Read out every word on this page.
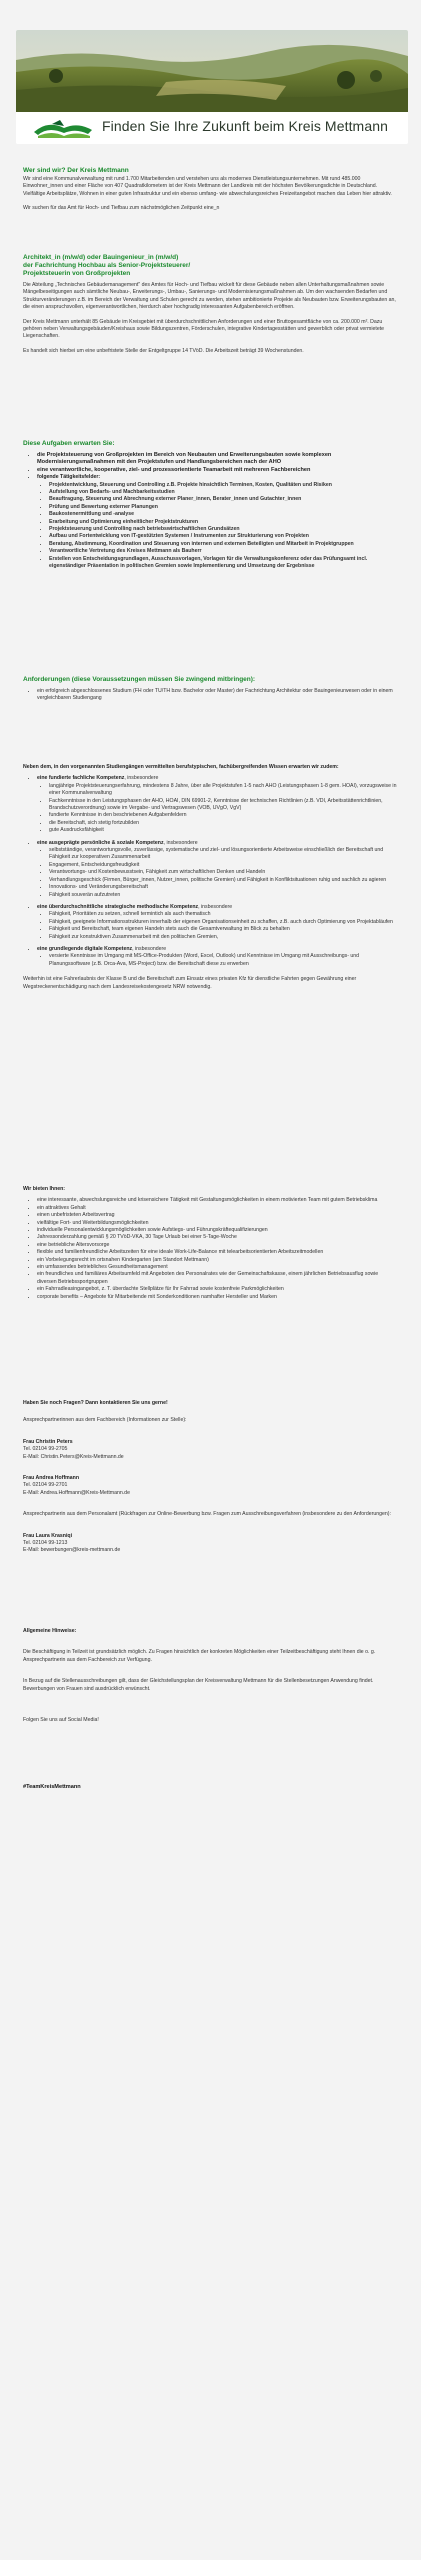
Finden Sie Ihre Zukunft beim Kreis Mettmann

Wer sind wir? Der Kreis Mettmann

Wir sind eine Kommunalverwaltung mit rund 1.700 Mitarbeitenden und verstehen uns als modernes Dienstleistungsunternehmen. Mit rund 485.000 Einwohner_innen und einer Fläche von 407 Quadratkilometern ist der Kreis Mettmann der Landkreis mit der höchsten Bevölkerungsdichte in Deutschland. Vielfältige Arbeitsplätze, Wohnen in einer guten Infrastruktur und ein ebenso umfang- wie abwechslungsreiches Freizeitangebot machen das Leben hier attraktiv.

Wir suchen für das Amt für Hoch- und Tiefbau zum nächstmöglichen Zeitpunkt eine_n

Architekt_in (m/w/d) oder Bauingenieur_in (m/w/d)

der Fachrichtung Hochbau als Senior-Projektsteuerer/

Projektsteuerin von Großprojekten

Die Abteilung „Technisches Gebäudemanagement" des Amtes für Hoch- und Tiefbau wickelt für diese Gebäude neben allen Unterhaltungsmaßnahmen sowie Mängelbeseitigungen auch sämtliche Neubau-, Erweiterungs-, Umbau-, Sanierungs- und Modernisierungsmaßnahmen ab. Um den wachsenden Bedarfen und Strukturveränderungen z.B. im Bereich der Verwaltung und Schulen gerecht zu werden, stehen ambitionierte Projekte als Neubauten bzw. Erweiterungsbauten an, die einen anspruchsvollen, eigenverantwortlichen, hierdurch aber hochgradig interessanten Aufgabenbereich eröffnen.

Der Kreis Mettmann unterhält 85 Gebäude im Kreisgebiet mit überdurchschnittlichen Anforderungen und einer Bruttogesamtfläche von ca. 200.000 m². Dazu gehören neben Verwaltungsgebäuden/Kreishaus sowie Bildungszentren, Förderschulen, integrative Kindertagesstätten und gewerblich oder privat vermietete Liegenschaften.

Es handelt sich hierbei um eine unbefristete Stelle der Entgeltgruppe 14 TVöD. Die Arbeitszeit beträgt 39 Wochenstunden.

Diese Aufgaben erwarten Sie:

• die Projektsteuerung von Großprojekten im Bereich von Neubauten und Erweiterungsbauten sowie komplexen Modernisierungsmaßnahmen mit den Projektstufen und Handlungsbereichen nach der AHO
• eine verantwortliche, kooperative, ziel- und prozessorientierte Teamarbeit mit mehreren Fachbereichen
• folgende Tätigkeitsfelder:
• Projektentwicklung, Steuerung und Controlling z.B. Projekte hinsichtlich Terminen, Kosten, Qualitäten und Risiken
• Aufstellung von Bedarfs- und Machbarkeitsstudien
• Beauftragung, Steuerung und Abrechnung externer Planer_innen, Berater_innen und Gutachter_innen
• Prüfung und Bewertung externer Planungen
• Baukostenermittlung und -analyse
• Erarbeitung und Optimierung einheitlicher Projektstrukturen
• Projektsteuerung und Controlling nach betriebswirtschaftlichen Grundsätzen
• Aufbau und Fortentwicklung von IT-gestützten Systemen / Instrumenten zur Strukturierung von Projekten
• Beratung, Abstimmung, Koordination und Steuerung von internen und externen Beteiligten und Mitarbeit in Projektgruppen
• Verantwortliche Vertretung des Kreises Mettmann als Bauherr
• Erstellen von Entscheidungsgrundlagen, Ausschussvorlagen, Vorlagen für die Verwaltungskonferenz oder das Prüfungsamt incl. eigenständiger Präsentation in politischen Gremien sowie Implementierung und Umsetzung der Ergebnisse

Anforderungen (diese Voraussetzungen müssen Sie zwingend mitbringen):

• ein erfolgreich abgeschlossenes Studium (FH oder TU/TH bzw. Bachelor oder Master) der Fachrichtung Architektur oder Bauingenieurwesen oder in einem vergleichbaren Studiengang

Neben dem, in den vorgenannten Studiengängen vermittelten berufstypischen, fachübergreifenden Wissen erwarten wir zudem:

• eine fundierte fachliche Kompetenz, insbesondere
• langjährige Projektsteuerungserfahrung, mindestens 8 Jahre, über alle Projektstufen 1-5 nach AHO (Leistungsphasen 1-8 gem. HOAI), vorzugsweise in einer Kommunalverwaltung
• Fachkenntnisse in den Leistungsphasen der AHO, HOAI, DIN 69901-2, Kenntnisse der technischen Richtlinien (z.B. VDI, Arbeitsstättenrichtlinien, Brandschutzverordnung) sowie im Vergabe- und Vertragswesen (VOB, UVgO, VgV)
• fundierte Kenntnisse in den beschriebenen Aufgabenfeldern
• die Bereitschaft, sich stetig fortzubilden
• gute Ausdrucksfähigkeit
• eine ausgeprägte persönliche & soziale Kompetenz, insbesondere
• selbstständige, verantwortungsvolle, zuverlässige, systematische und ziel- und lösungsorientierte Arbeitsweise einschließlich der Bereitschaft und Fähigkeit zur kooperativen Zusammenarbeit
• Engagement, Entscheidungsfreudigkeit
• Verantwortungs- und Kostenbewusstsein, Fähigkeit zum wirtschaftlichen Denken und Handeln
• Verhandlungsgeschick (Firmen, Bürger_innen, Nutzer_innen, politische Gremien) und Fähigkeit in Konfliktsituationen ruhig und sachlich zu agieren
• Innovations- und Veränderungsbereitschaft
• Fähigkeit souverän aufzutreten
• eine überdurchschnittliche strategische methodische Kompetenz, insbesondere
• Fähigkeit, Prioritäten zu setzen, schnell termintich als auch thematisch
• Fähigkeit, geeignete Informationsstrukturen innerhalb der eigenen Organisationseinheit zu schaffen, z.B. auch durch Optimierung von Projektabläufen
• Fähigkeit und Bereitschaft, team eigenen Handeln stets auch die Gesamtverwaltung im Blick zu behalten
• Fähigkeit zur konstruktiven Zusammenarbeit mit den politischen Gremien,
• eine grundlegende digitale Kompetenz, insbesondere
• versierte Kenntnisse im Umgang mit MS-Office-Produkten (Word, Excel, Outlook) und Kenntnisse im Umgang mit Ausschreibungs- und Planungssoftware (z.B. Orca-Ava, MS-Project) bzw. die Bereitschaft diese zu erwerben

Weiterhin ist eine Fahrerlaubnis der Klasse B und die Bereitschaft zum Einsatz eines privaten Kfz für dienstliche Fahrten gegen Gewährung einer Wegstreckenentschädigung nach dem Landesreisekostengesetz NRW notwendig.

Wir bieten Ihnen:

• eine interessante, abwechslungsreiche und krisensichere Tätigkeit mit Gestaltungsmöglichkeiten in einem motivierten Team mit gutem Betriebsklima
• ein attraktives Gehalt
• einen unbefristeten Arbeitsvertrag
• vielfältige Fort- und Weiterbildungsmöglichkeiten
• individuelle Personalentwicklungsmöglichkeiten sowie Aufstiegs- und Führungskräftequalifizierungen
• Jahressonderzahlung gemäß § 20 TVöD-VKA, 30 Tage Urlaub bei einer 5-Tage-Woche
• eine betriebliche Altersvorsorge
• flexible und familienfreundliche Arbeitszeiten für eine ideale Work-Life-Balance mit telearbeitsorientierten Arbeitszeitmodellen
• ein Vorbelegungsrecht im ortsnahen Kindergarten (am Standort Mettmann)
• ein umfassendes betriebliches Gesundheitsmanagement
• ein freundliches und familiäres Arbeitsumfeld mit Angeboten des Personalrates wie der Gemeinschaftskasse, einem jährlichen Betriebsausflug sowie diversen Betriebssportgruppen
• ein Fahrradleasingangebot, z. T. überdachte Stellplätze für Ihr Fahrrad sowie kostenfreie Parkmöglichkeiten
• corporate benefits – Angebote für Mitarbeitende mit Sonderkonditionen namhafter Hersteller und Marken

Haben Sie noch Fragen? Dann kontaktieren Sie uns gerne!

Ansprechpartnerinnen aus dem Fachbereich (Informationen zur Stelle):

Frau Christin Peters

Tel. 02104 99-2705

E-Mail: Christin.Peters@Kreis-Mettmann.de

Frau Andrea Hoffmann

Tel. 02104 99-2701

E-Mail: Andrea.Hoffmann@Kreis-Mettmann.de

Ansprechpartnerin aus dem Personalamt (Rückfragen zur Online-Bewerbung bzw. Fragen zum Ausschreibungsverfahren (insbesondere zu den Anforderungen):

Frau Laura Krasniqi

Tel. 02104 99-1213

E-Mail: bewerbungen@kreis-mettmann.de

Allgemeine Hinweise:

Die Beschäftigung in Teilzeit ist grundsätzlich möglich. Zu Fragen hinsichtlich der konkreten Möglichkeiten einer Teilzeitbeschäftigung steht Ihnen die o. g. Ansprechpartnerin aus dem Fachbereich zur Verfügung.

In Bezug auf die Stellenausschreibungen gilt, dass der Gleichstellungsplan der Kreisverwaltung Mettmann für die Stellenbesetzungen Anwendung findet. Bewerbungen von Frauen sind ausdrücklich erwünscht.

Folgen Sie uns auf Social Media!

#TeamKreisMettmann
